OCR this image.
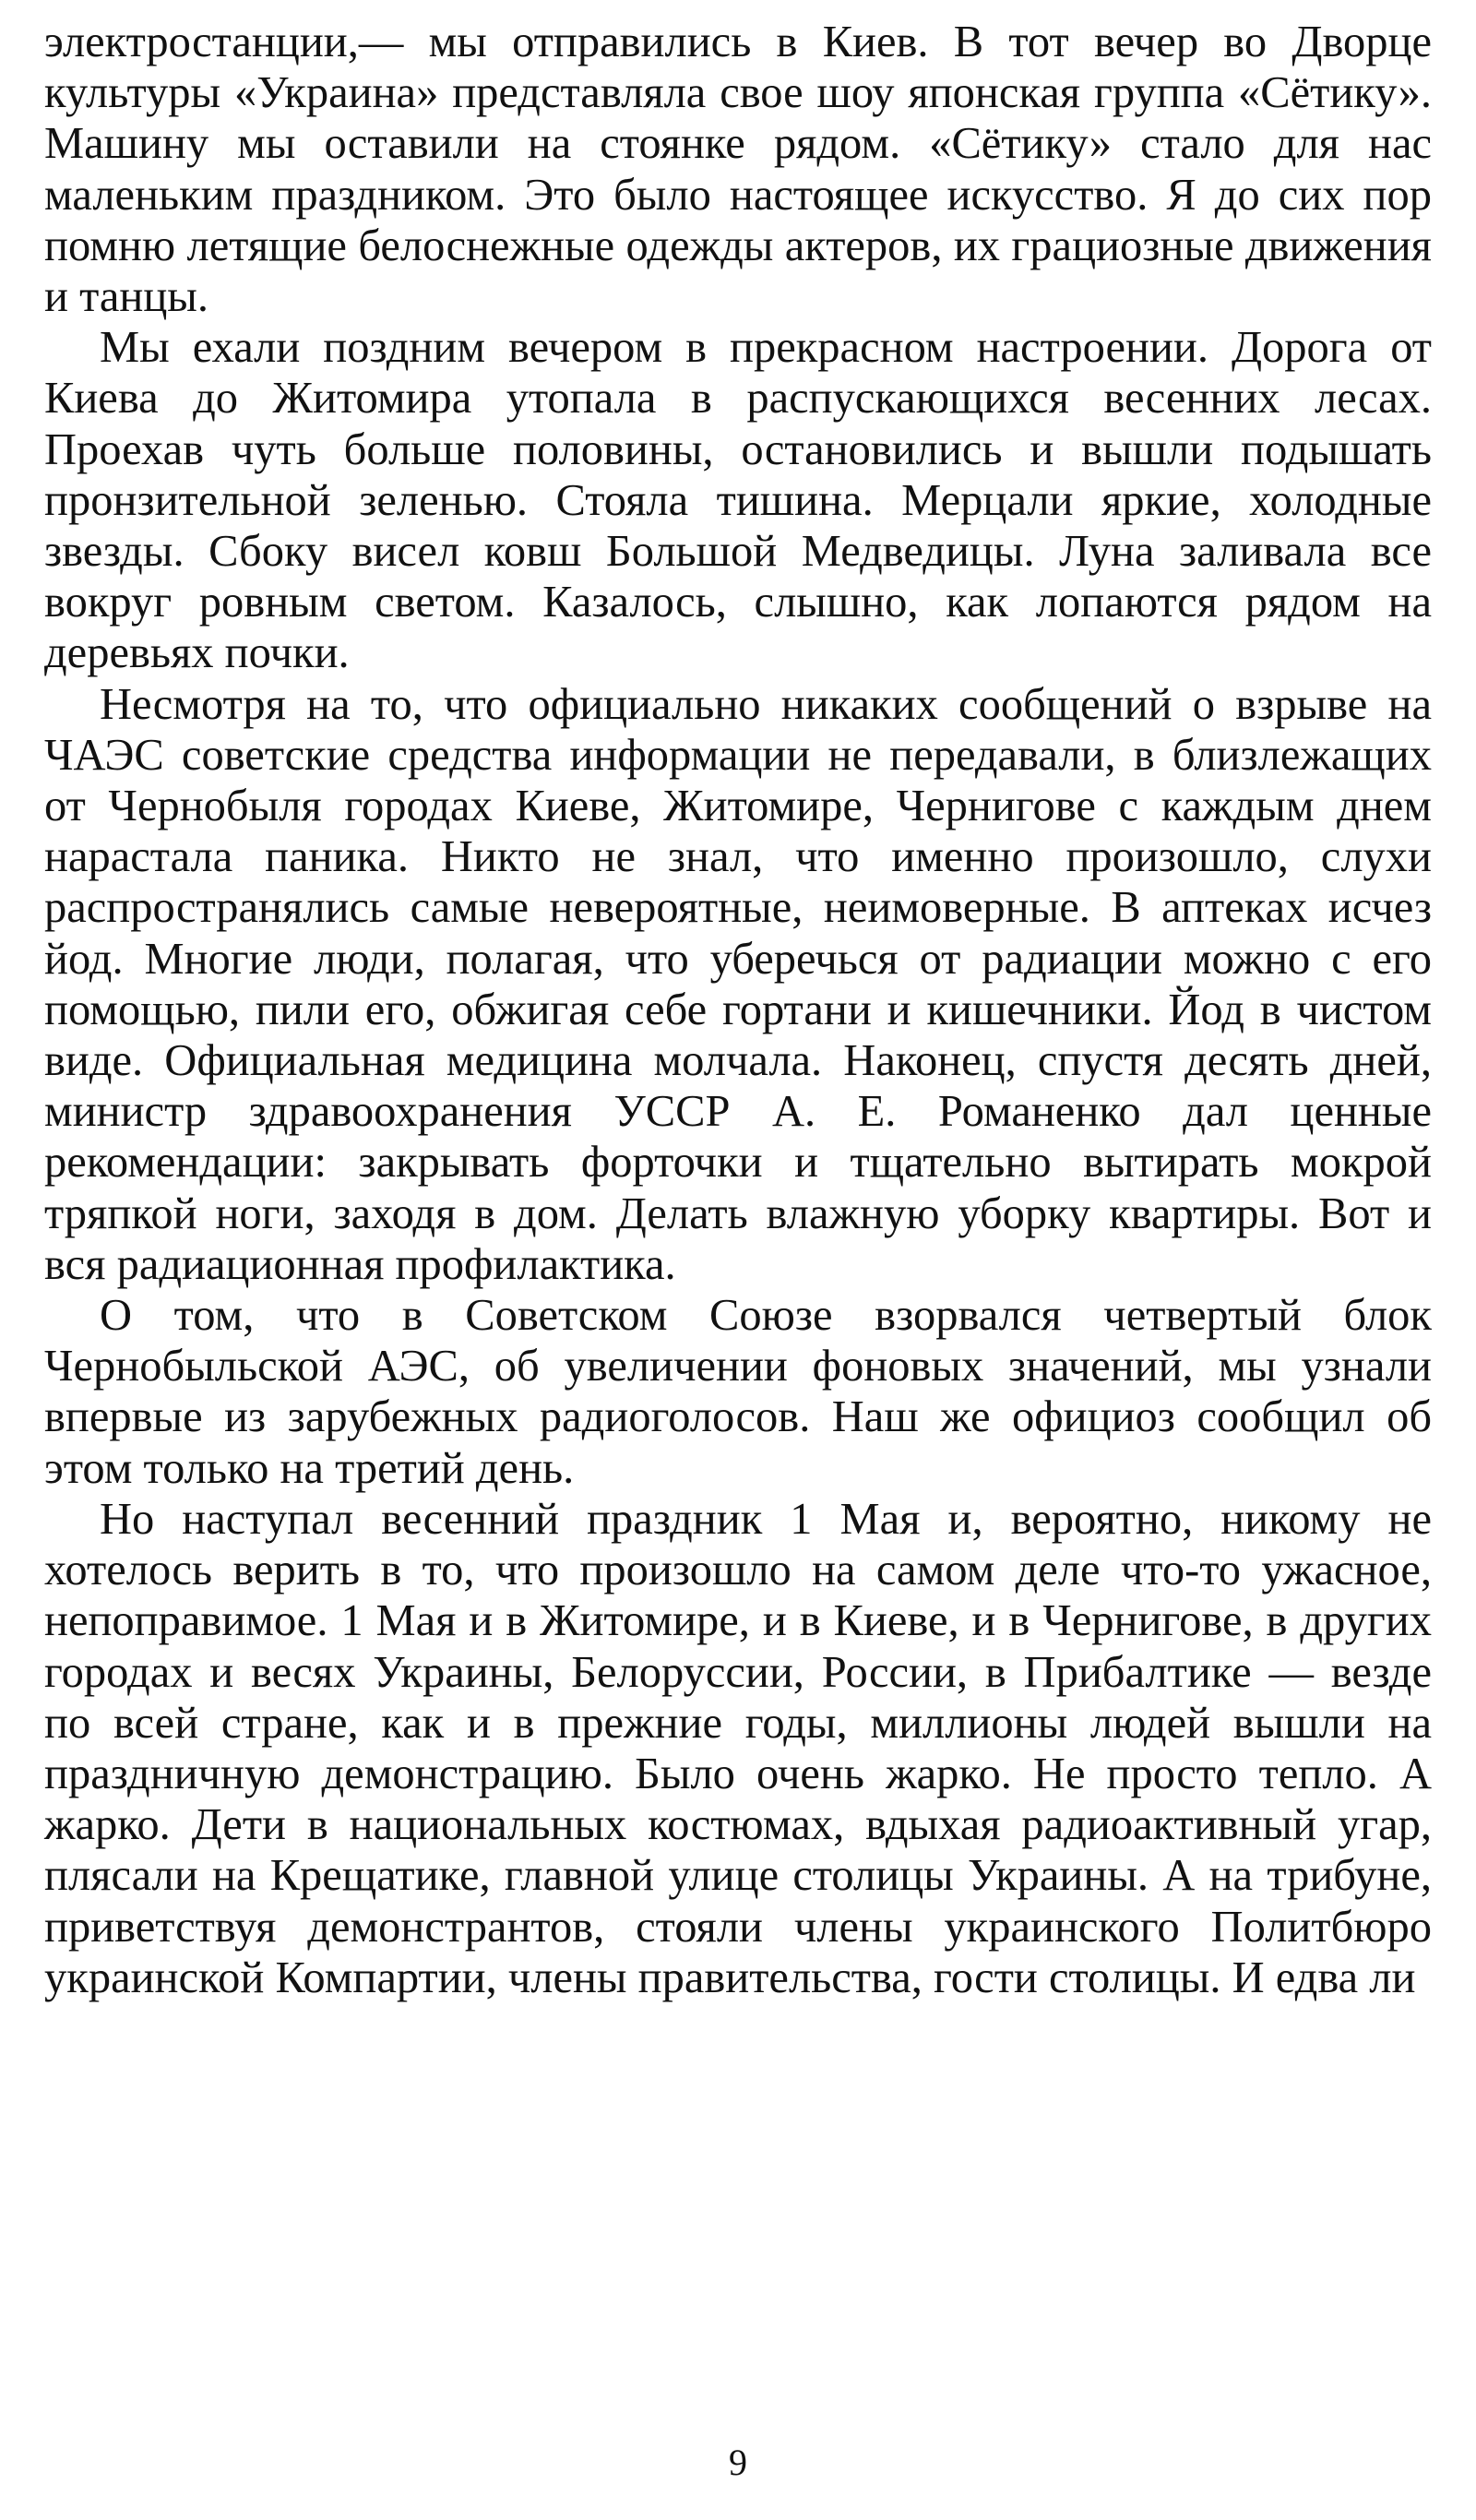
электростанции,— мы отправились в Киев. В тот вечер во Дворце культуры «Украина» представляла свое шоу японская группа «Сётику». Машину мы оставили на стоянке рядом. «Сётику» стало для нас маленьким праздником. Это было настоящее искусство. Я до сих пор помню летящие белоснежные одежды актеров, их грациозные движения и танцы.

Мы ехали поздним вечером в прекрасном настроении. Дорога от Киева до Житомира утопала в распускающихся весенних лесах. Проехав чуть больше половины, остановились и вышли подышать пронзительной зеленью. Стояла тишина. Мерцали яркие, холодные звезды. Сбоку висел ковш Большой Медведицы. Луна заливала все вокруг ровным светом. Казалось, слышно, как лопаются рядом на деревьях почки.

Несмотря на то, что официально никаких сообщений о взрыве на ЧАЭС советские средства информации не передавали, в близлежащих от Чернобыля городах Киеве, Житомире, Чернигове с каждым днем нарастала паника. Никто не знал, что именно произошло, слухи распространялись самые невероятные, неимоверные. В аптеках исчез йод. Многие люди, полагая, что уберечься от радиации можно с его помощью, пили его, обжигая себе гортани и кишечники. Йод в чистом виде. Официальная медицина молчала. Наконец, спустя десять дней, министр здравоохранения УССР А. Е. Романенко дал ценные рекомендации: закрывать форточки и тщательно вытирать мокрой тряпкой ноги, заходя в дом. Делать влажную уборку квартиры. Вот и вся радиационная профилактика.

О том, что в Советском Союзе взорвался четвертый блок Чернобыльской АЭС, об увеличении фоновых значений, мы узнали впервые из зарубежных радиоголосов. Наш же официоз сообщил об этом только на третий день.

Но наступал весенний праздник 1 Мая и, вероятно, никому не хотелось верить в то, что произошло на самом деле что-то ужасное, непоправимое. 1 Мая и в Житомире, и в Киеве, и в Чернигове, в других городах и весях Украины, Белоруссии, России, в Прибалтике — везде по всей стране, как и в прежние годы, миллионы людей вышли на праздничную демонстрацию. Было очень жарко. Не просто тепло. А жарко. Дети в национальных костюмах, вдыхая радиоактивный угар, плясали на Крещатике, главной улице столицы Украины. А на трибуне, приветствуя демонстрантов, стояли члены украинского Политбюро украинской Компартии, члены правительства, гости столицы. И едва ли

9
